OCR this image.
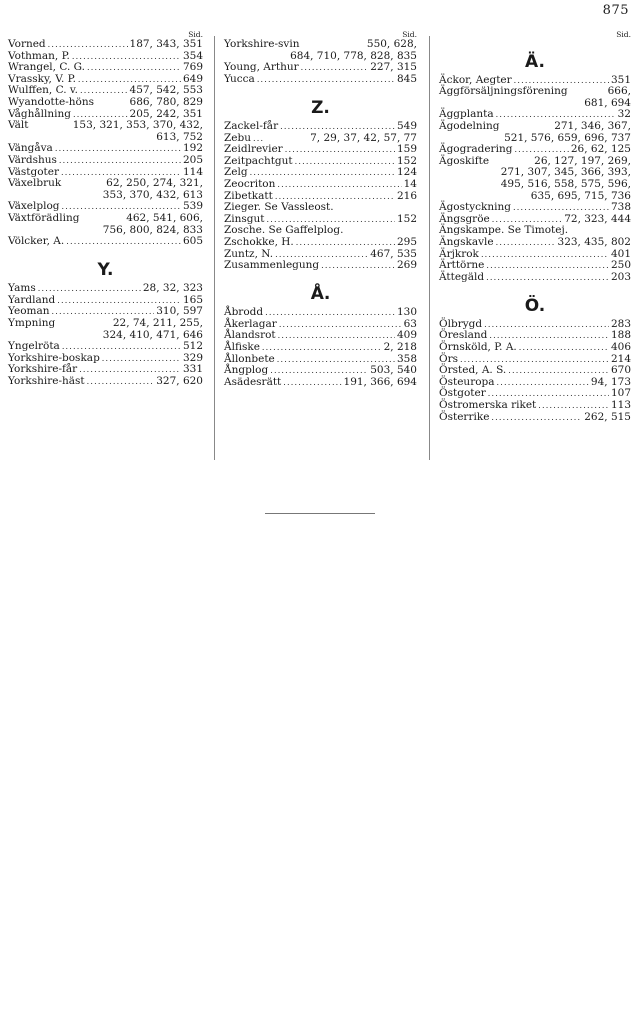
875
Sid.
Vorned .....	187, 343, 351
Vothman, P. .....	354
Wrangel, C. G. .....	769
Vrassky, V. P. .....	649
Wulffen, C. v. .....	457, 542, 553
Wyandotte-höns	686, 780, 829
Våghållning .....	205, 242, 351
Vält	153, 321, 353, 370, 432,
613, 752
Vängåva .....	192
Värdshus .....	205
Västgoter .....	114
Växelbruk	62, 250, 274, 321,
353, 370, 432, 613
Växelplog .....	539
Växtförädling	462, 541, 606,
756, 800, 824, 833
Völcker, A. .....	605
Y.
Yams .....	28, 32, 323
Yardland .....	165
Yeoman .....	310, 597
Ympning	22, 74, 211, 255,
324, 410, 471, 646
Yngelröta .....	512
Yorkshire-boskap .....	329
Yorkshire-får .....	331
Yorkshire-häst .....	327, 620
Sid.
Yorkshire-svin	550, 628,
684, 710, 778, 828, 835
Young, Arthur .....	227, 315
Yucca .....	845
Z.
Zackel-får .....	549
Zebu .....	7, 29, 37, 42, 57, 77
Zeidlrevier .....	159
Zeitpachtgut .....	152
Zelg .....	124
Zeocriton .....	14
Zibetkatt .....	216
Zieger. Se Vassleost.
Zinsgut .....	152
Zosche. Se Gaffelplog.
Zschokke, H. .....	295
Zuntz, N. .....	467, 535
Zusammenlegung .....	269
Å.
Åbrodd .....	130
Åkerlagar .....	63
Ålandsrot .....	409
Ålfiske .....	2, 218
Ållonbete .....	358
Ångplog .....	503, 540
Asädesrätt .....	191, 366, 694
Sid.
Ä.
Äckor, Aegter .....	351
Äggförsäljningsförening	666,
681, 694
Äggplanta .....	32
Ägodelning	271, 346, 367,
521, 576, 659, 696, 737
Ägogradering .....	26, 62, 125
Ägoskifte	26, 127, 197, 269,
271, 307, 345, 366, 393,
495, 516, 558, 575, 596,
635, 695, 715, 736
Ägostyckning .....	738
Ängsgröe .....	72, 323, 444
Ängskampe. Se Timotej.
Ängskavle .....	323, 435, 802
Ärjkrok .....	401
Ärttörne .....	250
Ättegäld .....	203
Ö.
Ölbrygd .....	283
Öresland .....	188
Örnsköld, P. A. .....	406
Örs .....	214
Örsted, A. S. .....	670
Östeuropa .....	94, 173
Östgoter .....	107
Östromerska riket .....	113
Österrike .....	262, 515
